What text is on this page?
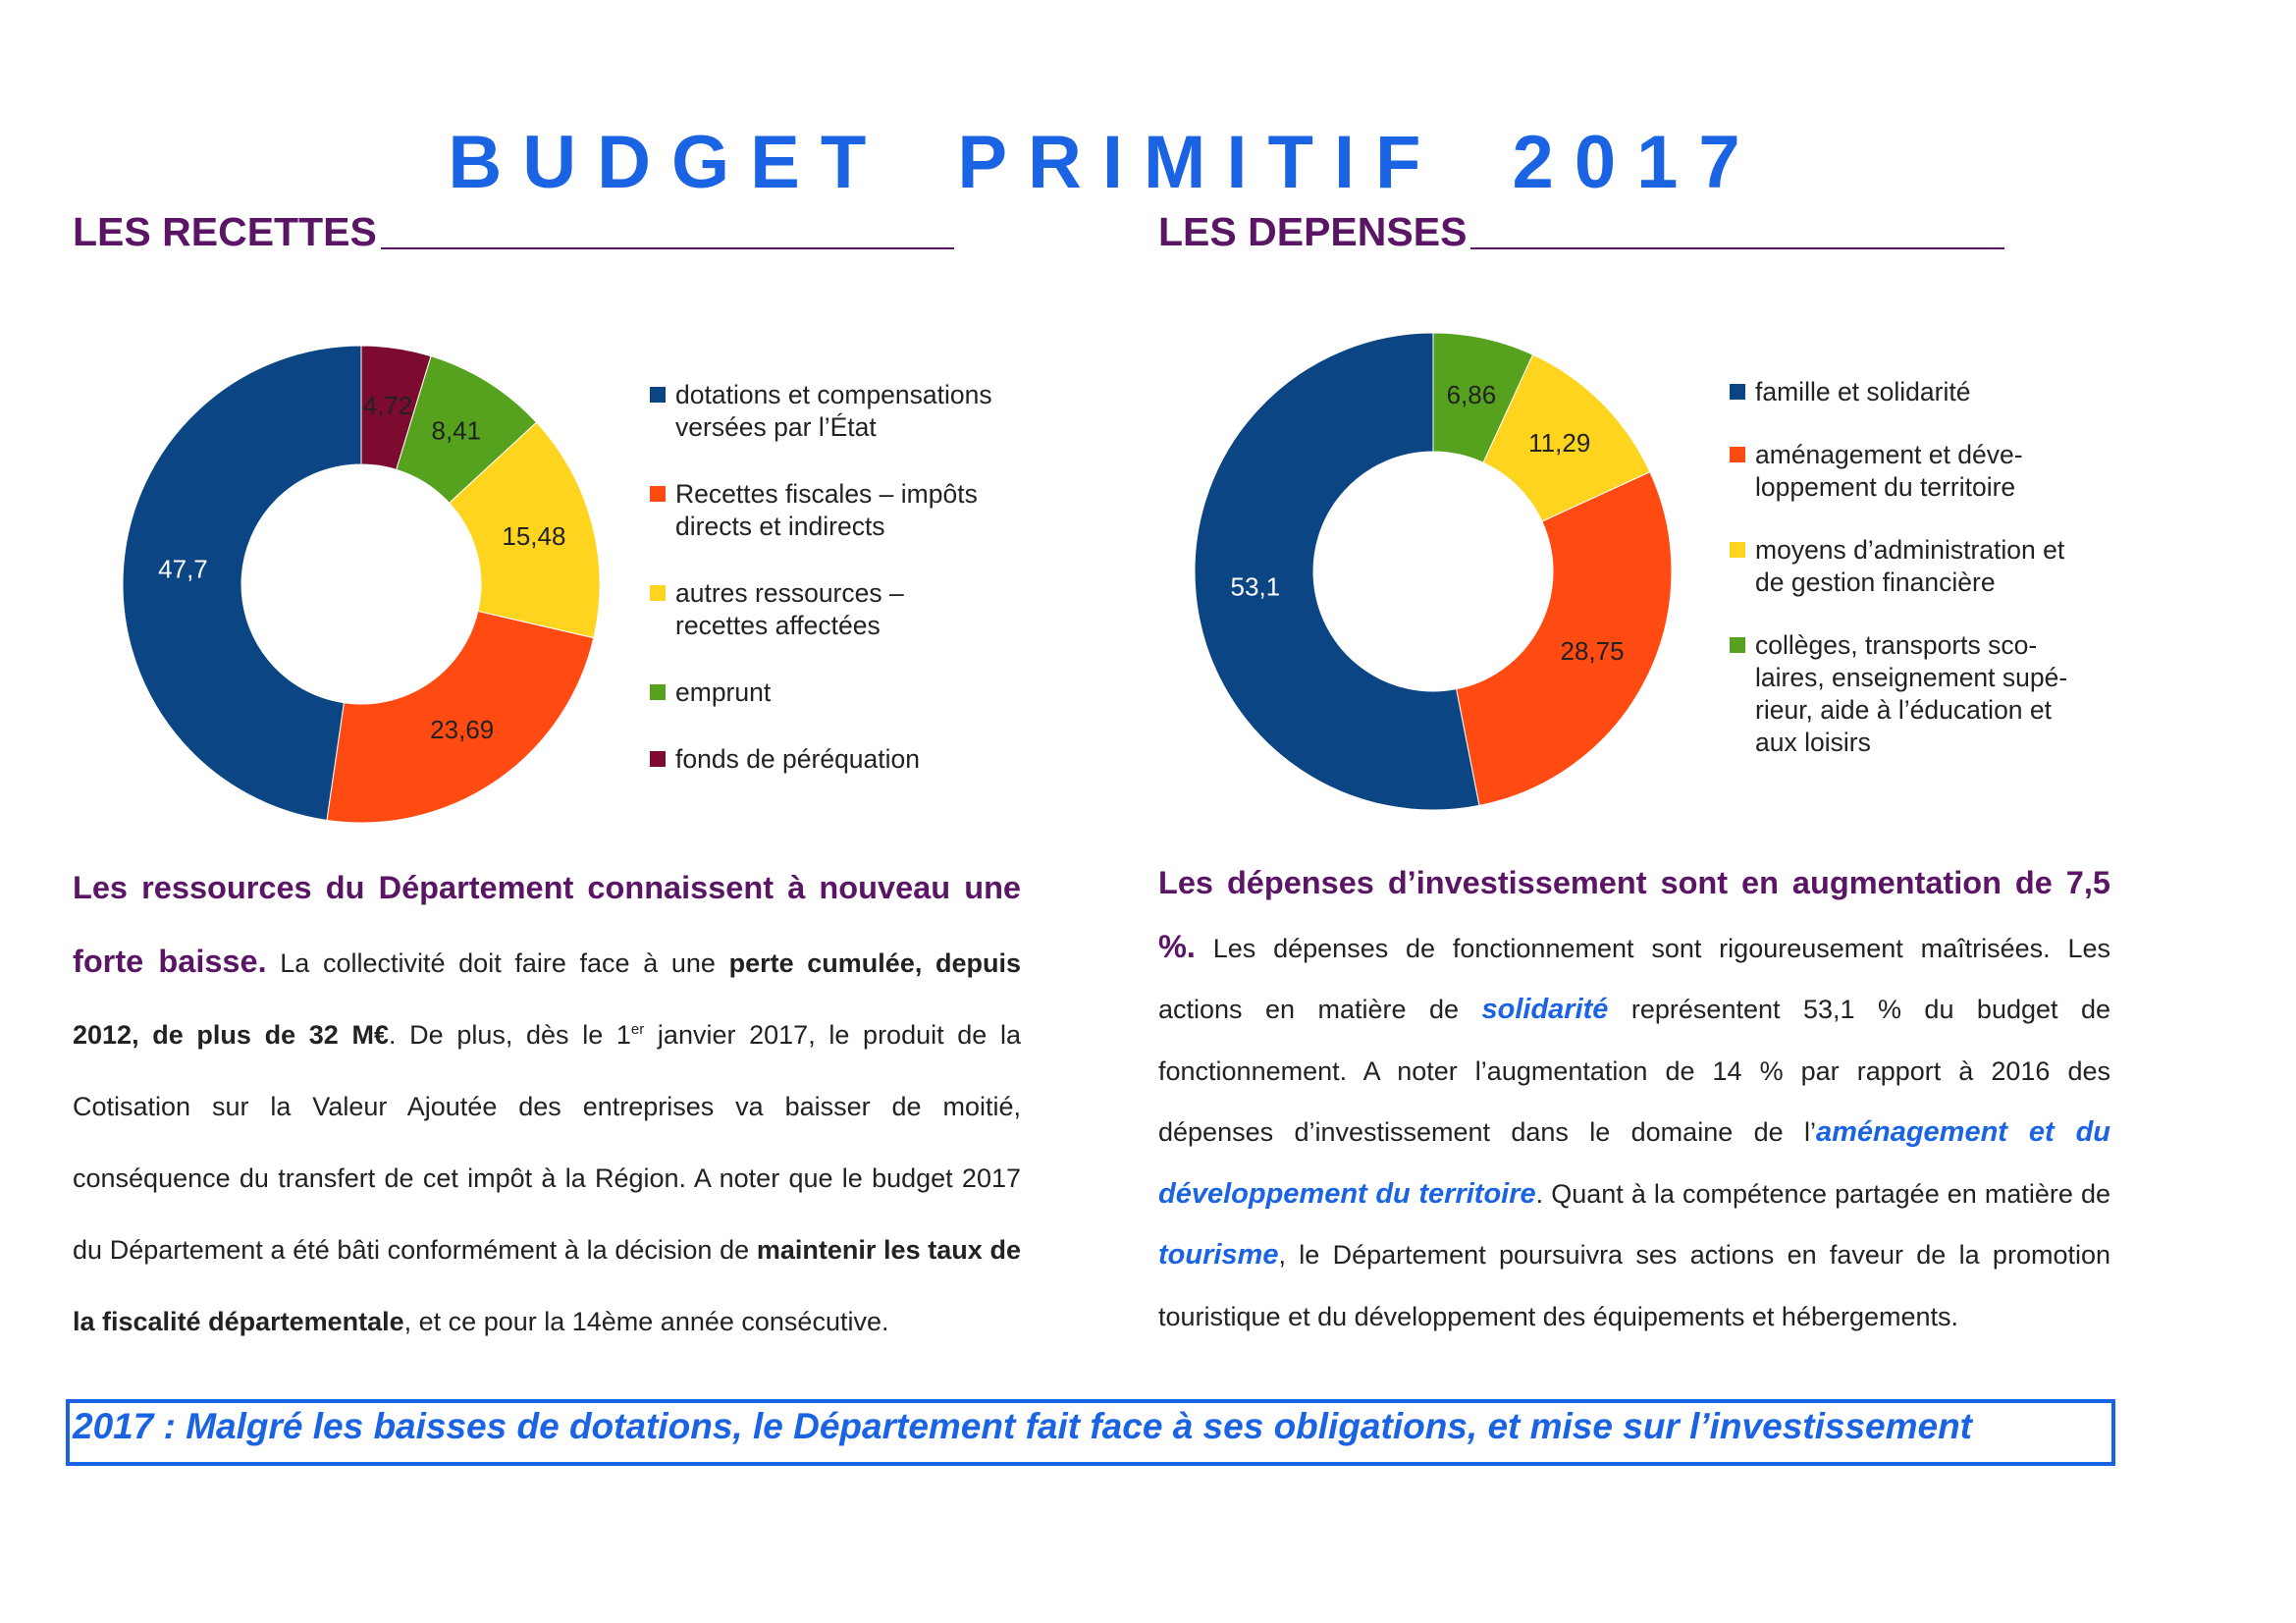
BUDGET PRIMITIF 2017
LES RECETTES	LES DEPENSES
47,7
23,69
15,48
8,41
4,72
53,1
28,75
11,29
6,86
dotations et compensations
versées par l’État
Recettes fiscales – impôts
directs et indirects
autres ressources –
recettes affectées
emprunt
fonds de péréquation
famille et solidarité
aménagement et déve-
loppement du territoire
moyens d’administration et
de gestion financière
collèges, transports sco-
laires, enseignement supé-
rieur, aide à l’éducation et
aux loisirs
Les ressources du Département connaissent à nouveau une forte baisse. La collectivité doit faire face à une perte cumulée, depuis 2012, de plus de 32 M€. De plus, dès le 1er janvier 2017, le produit de la Cotisation sur la Valeur Ajoutée des entreprises va baisser de moitié, conséquence du transfert de cet impôt à la Région. A noter que le budget 2017 du Département a été bâti conformément à la décision de maintenir les taux de la fiscalité départementale, et ce pour la 14ème année consécutive.
Les dépenses d’investissement sont en augmentation de 7,5 %. Les dépenses de fonctionnement sont rigoureusement maîtrisées. Les actions en matière de solidarité représentent 53,1 % du budget de fonctionnement. A noter l’augmentation de 14 % par rapport à 2016 des dépenses d’investissement dans le domaine de l’aménagement et du développement du territoire. Quant à la compétence partagée en matière de tourisme, le Département poursuivra ses actions en faveur de la promotion touristique et du développement des équipements et hébergements.
2017 : Malgré les baisses de dotations, le Département fait face à ses obligations, et mise sur l’investissement
